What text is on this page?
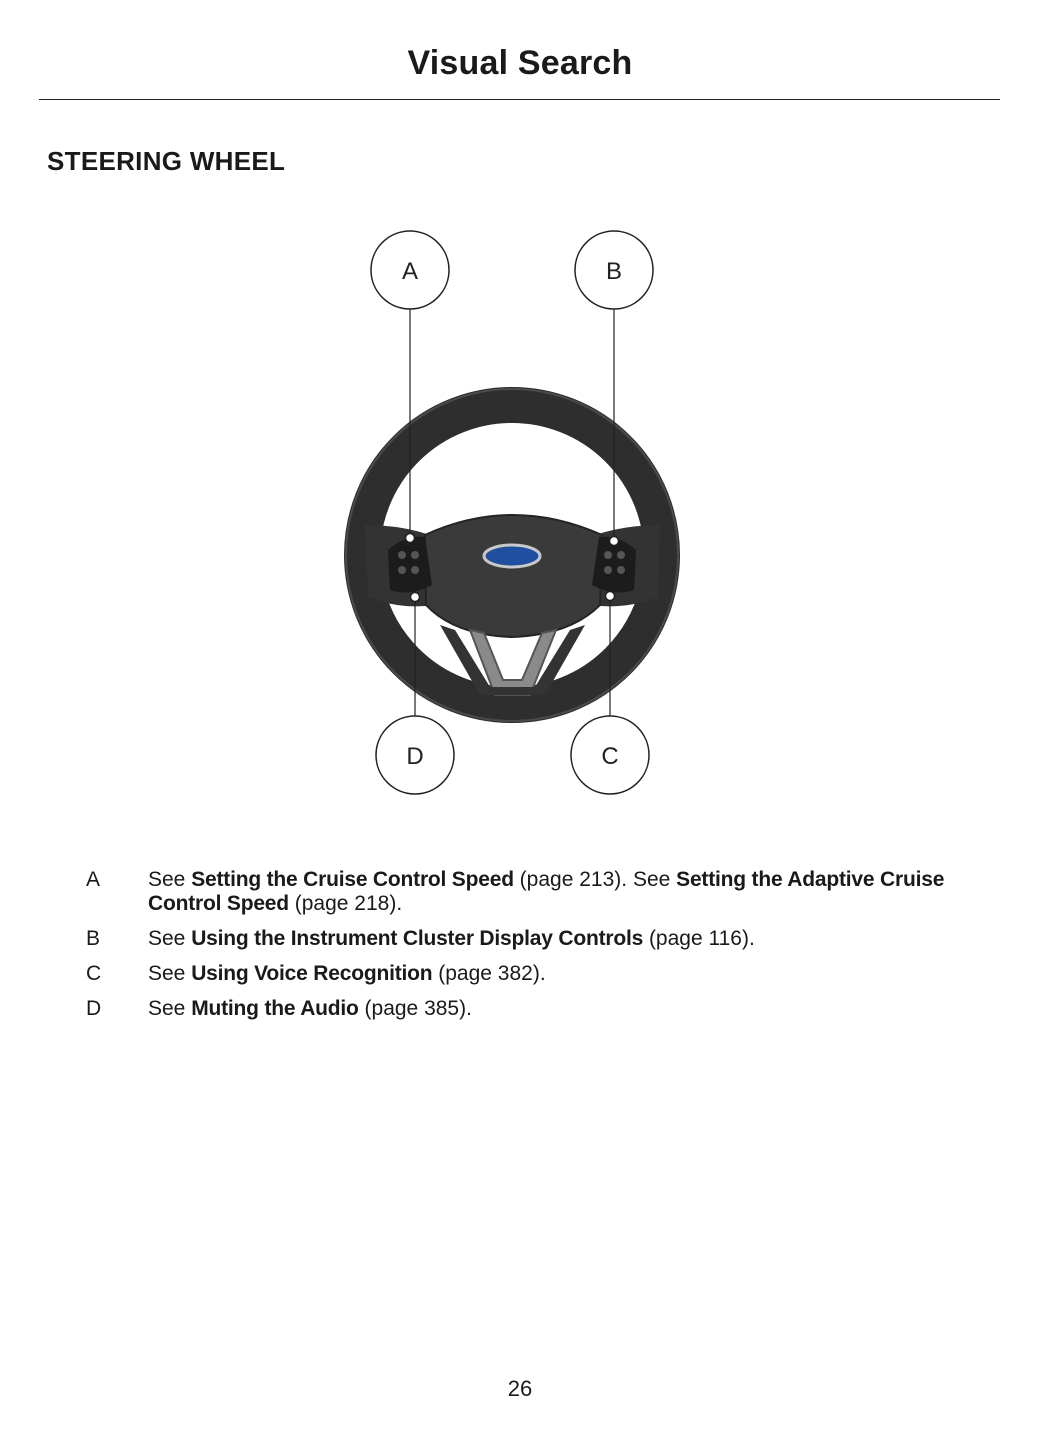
Visual Search
STEERING WHEEL
A	B
D	C
A	See Setting the Cruise Control Speed (page 213). See Setting the Adaptive Cruise Control Speed (page 218).
B	See Using the Instrument Cluster Display Controls (page 116).
C	See Using Voice Recognition (page 382).
D	See Muting the Audio (page 385).
26
